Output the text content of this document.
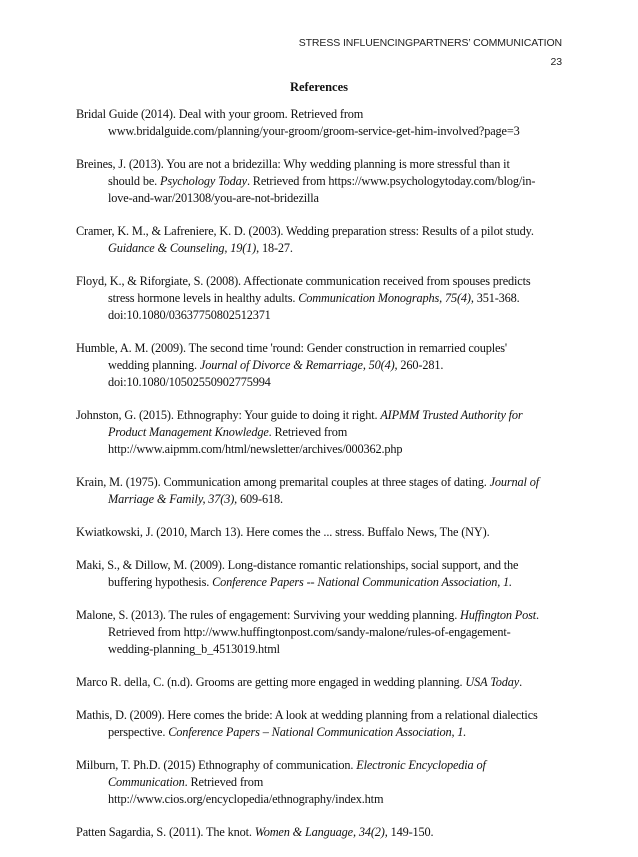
STRESS INFLUENCINGPARTNERS’ COMMUNICATION
23
References
Bridal Guide (2014). Deal with your groom. Retrieved from
www.bridalguide.com/planning/your-groom/groom-service-get-him-involved?page=3
Breines, J. (2013). You are not a bridezilla: Why wedding planning is more stressful than it
should be. Psychology Today. Retrieved from https://www.psychologytoday.com/blog/in-
love-and-war/201308/you-are-not-bridezilla
Cramer, K. M., & Lafreniere, K. D. (2003). Wedding preparation stress: Results of a pilot study.
Guidance & Counseling, 19(1), 18-27.
Floyd, K., & Riforgiate, S. (2008). Affectionate communication received from spouses predicts
stress hormone levels in healthy adults. Communication Monographs, 75(4), 351-368.
doi:10.1080/03637750802512371
Humble, A. M. (2009). The second time 'round: Gender construction in remarried couples'
wedding planning. Journal of Divorce & Remarriage, 50(4), 260-281.
doi:10.1080/10502550902775994
Johnston, G. (2015). Ethnography: Your guide to doing it right. AIPMM Trusted Authority for
Product Management Knowledge. Retrieved from
http://www.aipmm.com/html/newsletter/archives/000362.php
Krain, M. (1975). Communication among premarital couples at three stages of dating. Journal of
Marriage & Family, 37(3), 609-618.
Kwiatkowski, J. (2010, March 13). Here comes the ... stress. Buffalo News, The (NY).
Maki, S., & Dillow, M. (2009). Long-distance romantic relationships, social support, and the
buffering hypothesis. Conference Papers -- National Communication Association, 1.
Malone, S. (2013). The rules of engagement: Surviving your wedding planning. Huffington Post.
Retrieved from http://www.huffingtonpost.com/sandy-malone/rules-of-engagement-
wedding-planning_b_4513019.html
Marco R. della, C. (n.d). Grooms are getting more engaged in wedding planning. USA Today.
Mathis, D. (2009). Here comes the bride: A look at wedding planning from a relational dialectics
perspective. Conference Papers – National Communication Association, 1.
Milburn, T. Ph.D. (2015) Ethnography of communication. Electronic Encyclopedia of
Communication. Retrieved from
http://www.cios.org/encyclopedia/ethnography/index.htm
Patten Sagardia, S. (2011). The knot. Women & Language, 34(2), 149-150.
